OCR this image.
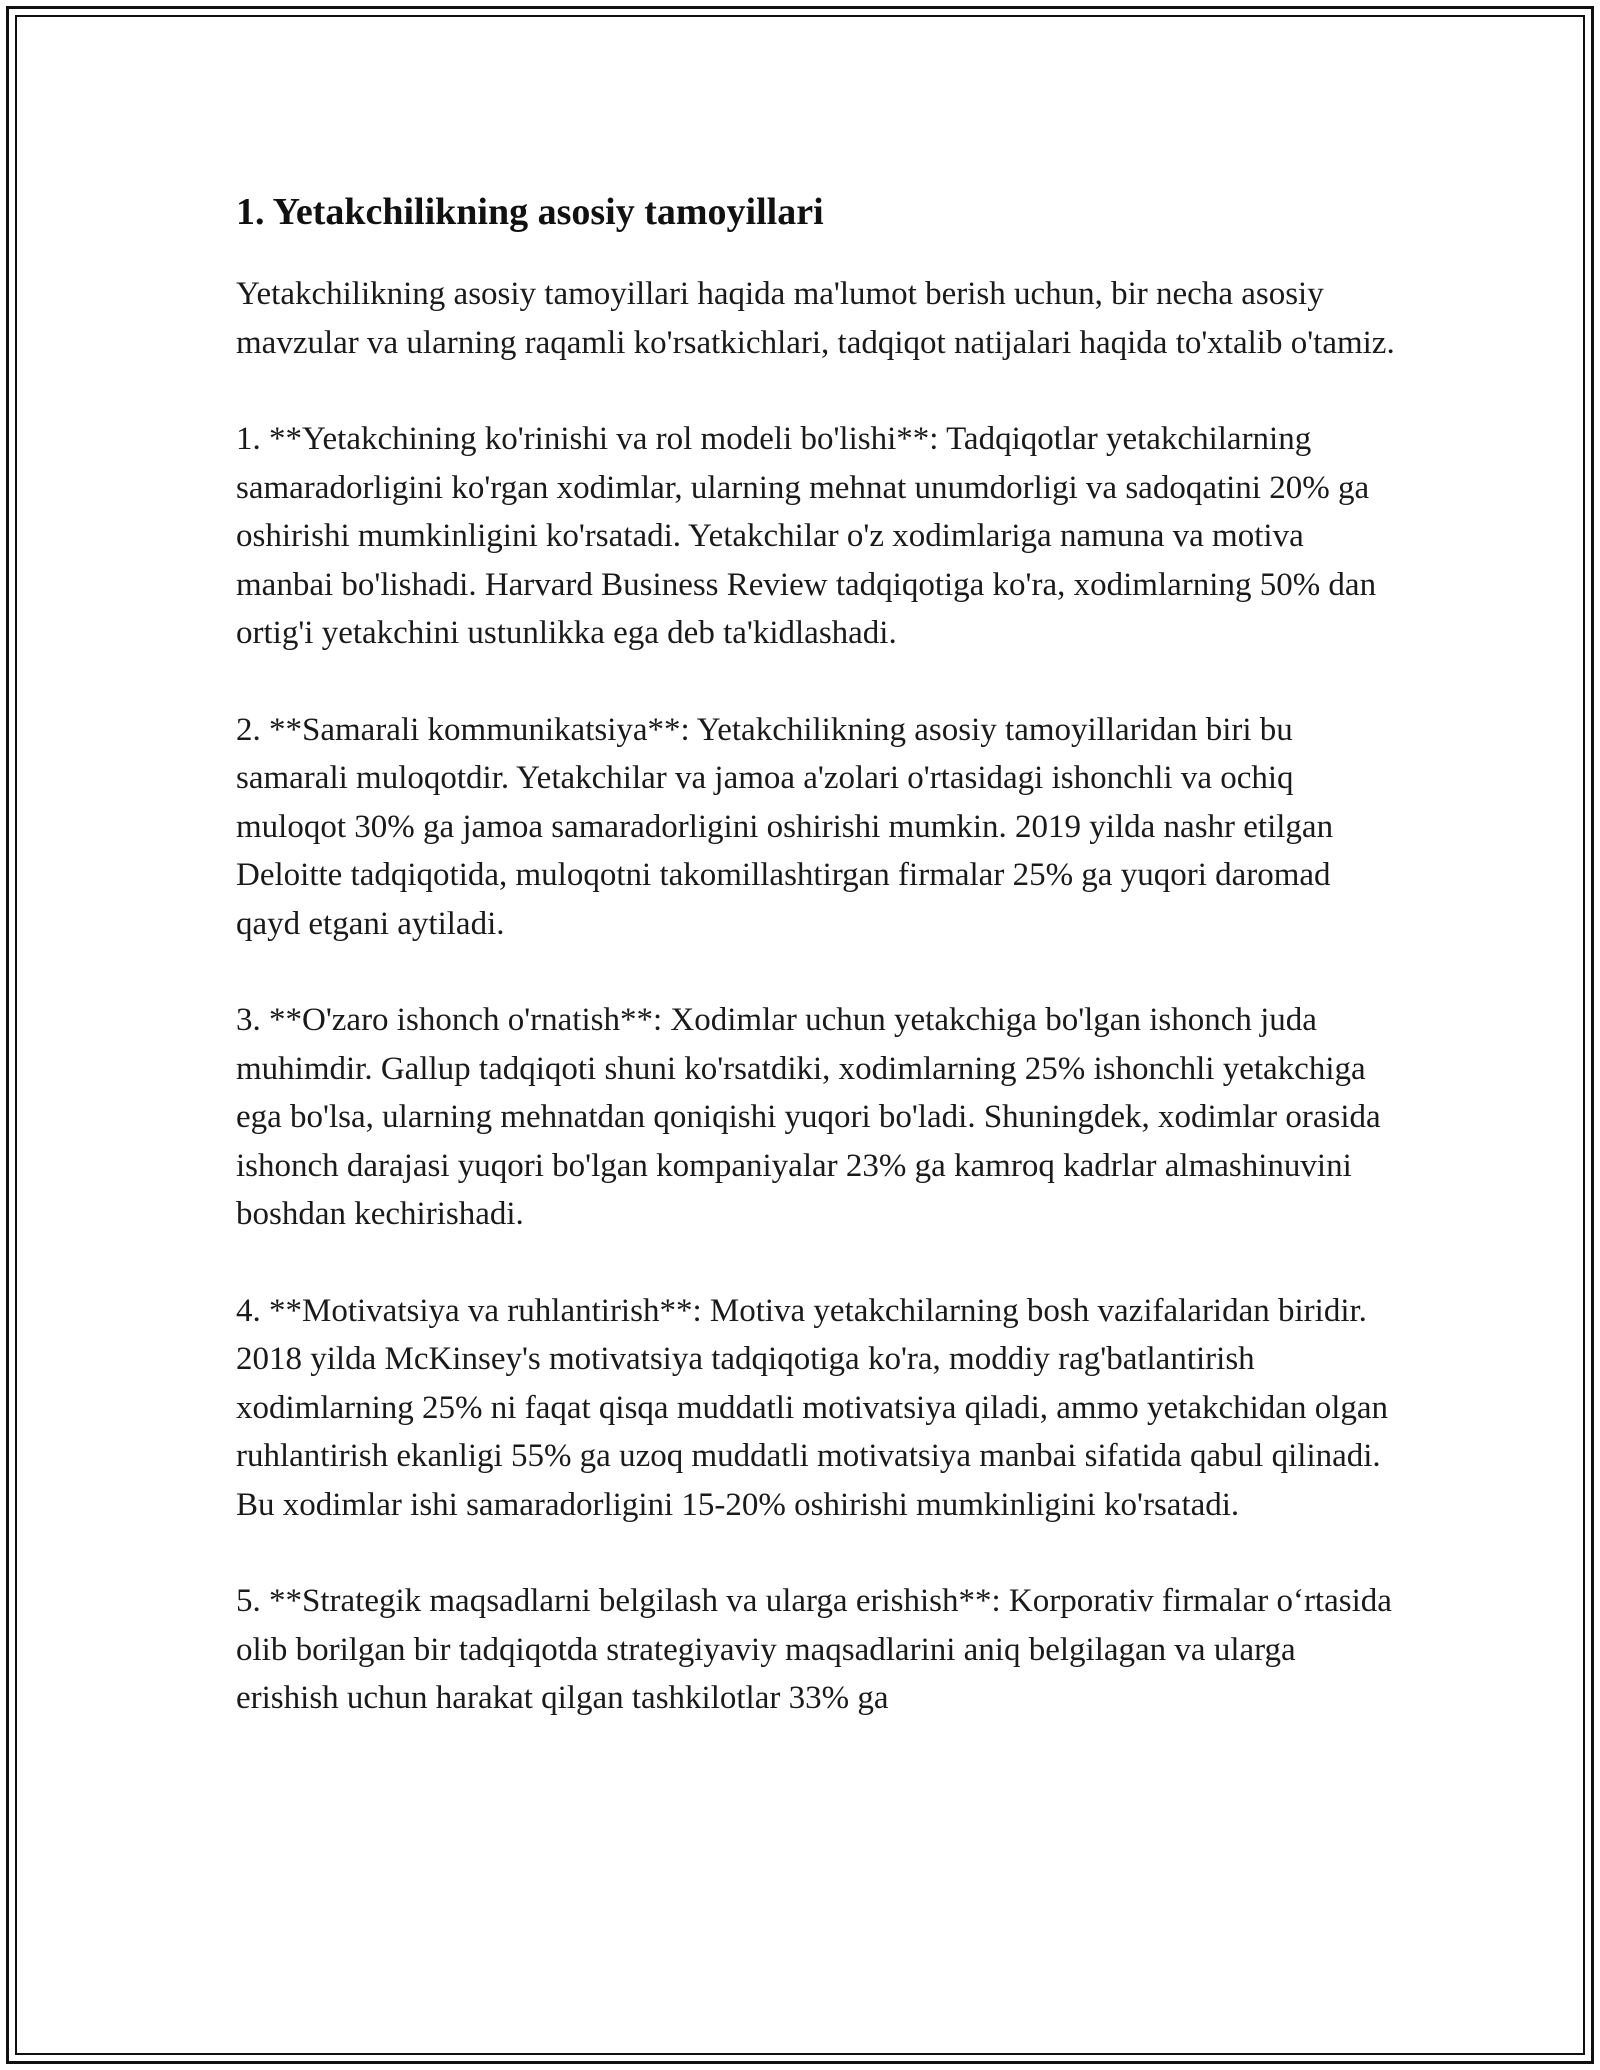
1. Yetakchilikning asosiy tamoyillari

Yetakchilikning asosiy tamoyillari haqida ma'lumot berish uchun, bir necha asosiy mavzular va ularning raqamli ko'rsatkichlari, tadqiqot natijalari haqida to'xtalib o'tamiz.

1. **Yetakchining ko'rinishi va rol modeli bo'lishi**: Tadqiqotlar yetakchilarning samaradorligini ko'rgan xodimlar, ularning mehnat unumdorligi va sadoqatini 20% ga oshirishi mumkinligini ko'rsatadi. Yetakchilar o'z xodimlariga namuna va motiva manbai bo'lishadi. Harvard Business Review tadqiqotiga ko'ra, xodimlarning 50% dan ortig'i yetakchini ustunlikka ega deb ta'kidlashadi.

2. **Samarali kommunikatsiya**: Yetakchilikning asosiy tamoyillaridan biri bu samarali muloqotdir. Yetakchilar va jamoa a'zolari o'rtasidagi ishonchli va ochiq muloqot 30% ga jamoa samaradorligini oshirishi mumkin. 2019 yilda nashr etilgan Deloitte tadqiqotida, muloqotni takomillashtirgan firmalar 25% ga yuqori daromad qayd etgani aytiladi.

3. **O'zaro ishonch o'rnatish**: Xodimlar uchun yetakchiga bo'lgan ishonch juda muhimdir. Gallup tadqiqoti shuni ko'rsatdiki, xodimlarning 25% ishonchli yetakchiga ega bo'lsa, ularning mehnatdan qoniqishi yuqori bo'ladi. Shuningdek, xodimlar orasida ishonch darajasi yuqori bo'lgan kompaniyalar 23% ga kamroq kadrlar almashinuvini boshdan kechirishadi.

4. **Motivatsiya va ruhlantirish**: Motiva yetakchilarning bosh vazifalaridan biridir. 2018 yilda McKinsey's motivatsiya tadqiqotiga ko'ra, moddiy rag'batlantirish xodimlarning 25% ni faqat qisqa muddatli motivatsiya qiladi, ammo yetakchidan olgan ruhlantirish ekanligi 55% ga uzoq muddatli motivatsiya manbai sifatida qabul qilinadi. Bu xodimlar ishi samaradorligini 15-20% oshirishi mumkinligini ko'rsatadi.

5. **Strategik maqsadlarni belgilash va ularga erishish**: Korporativ firmalar o‘rtasida olib borilgan bir tadqiqotda strategiyaviy maqsadlarini aniq belgilagan va ularga erishish uchun harakat qilgan tashkilotlar 33% ga
